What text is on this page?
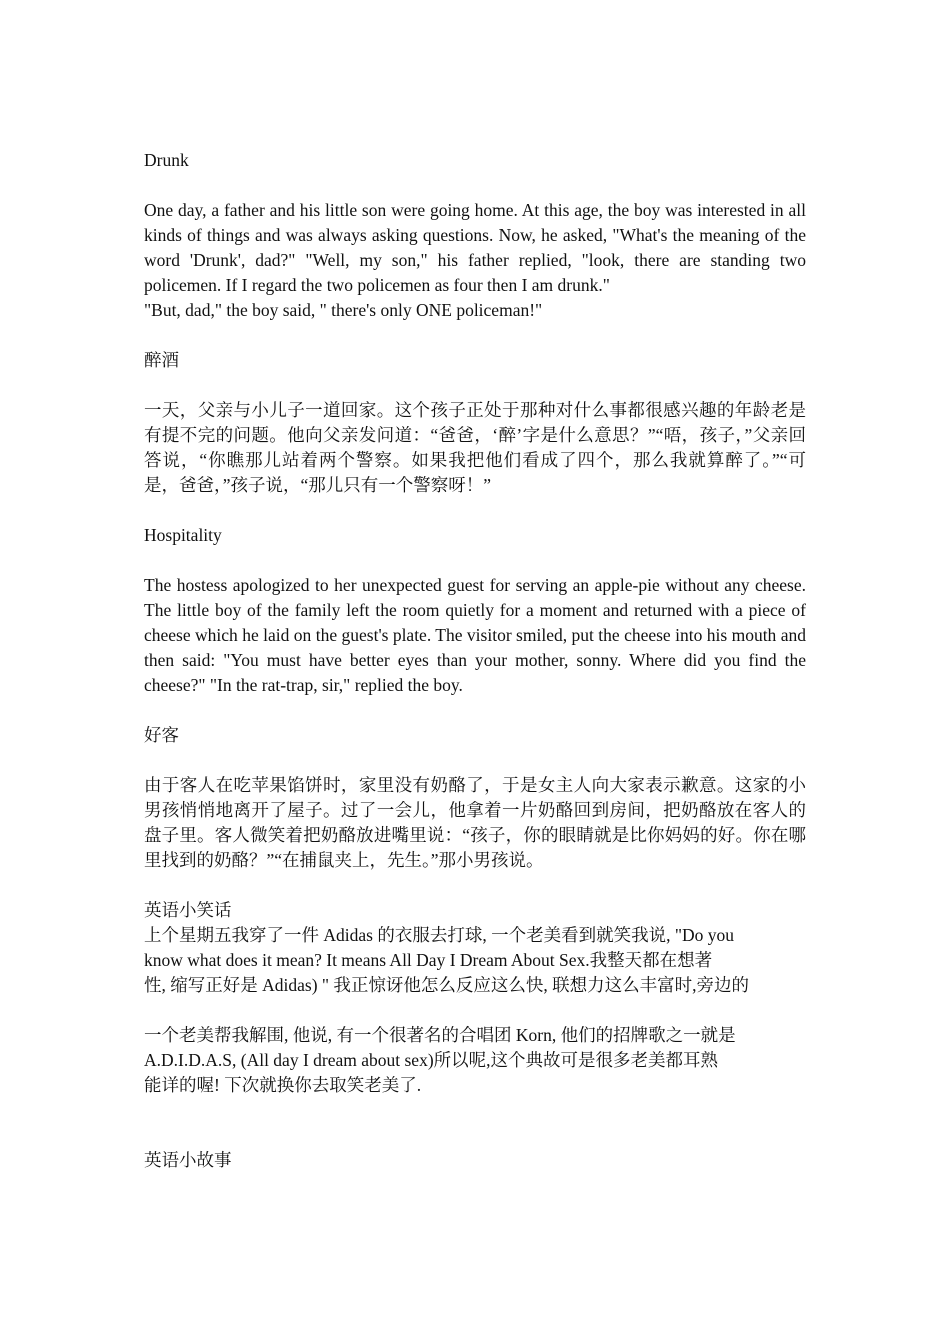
Drunk

One day, a father and his little son were going home. At this age, the boy was interested in all kinds of things and was always asking questions. Now, he asked, "What's the meaning of the word 'Drunk', dad?" "Well, my son," his father replied, "look, there are standing two policemen. If I regard the two policemen as four then I am drunk."

"But, dad," the boy said, " there's only ONE policeman!"

醉酒

一天，父亲与小儿子一道回家。这个孩子正处于那种对什么事都很感兴趣的年龄老是有提不完的问题。他向父亲发问道：“爸爸，‘醉’字是什么意思？”“唔，孩子，”父亲回答说，“你瞧那儿站着两个警察。如果我把他们看成了四个，那么我就算醉了。”“可是，爸爸，”孩子说，“那儿只有一个警察呀！”

Hospitality

The hostess apologized to her unexpected guest for serving an apple-pie without any cheese. The little boy of the family left the room quietly for a moment and returned with a piece of cheese which he laid on the guest's plate. The visitor smiled, put the cheese into his mouth and then said: "You must have better eyes than your mother, sonny. Where did you find the cheese?" "In the rat-trap, sir," replied the boy.

好客

由于客人在吃苹果馅饼时，家里没有奶酪了，于是女主人向大家表示歉意。这家的小男孩悄悄地离开了屋子。过了一会儿，他拿着一片奶酪回到房间，把奶酪放在客人的盘子里。客人微笑着把奶酪放进嘴里说：“孩子，你的眼睛就是比你妈妈的好。你在哪里找到的奶酪？”“在捕鼠夹上，先生。”那小男孩说。

英语小笑话

上个星期五我穿了一件 Adidas 的衣服去打球, 一个老美看到就笑我说, "Do you
know what does it mean? It means All Day I Dream About Sex.我整天都在想著
性, 缩写正好是 Adidas) " 我正惊讶他怎么反应这么快, 联想力这么丰富时,旁边的
一个老美帮我解围, 他说, 有一个很著名的合唱团 Korn, 他们的招牌歌之一就是
A.D.I.D.A.S, (All day I dream about sex)所以呢,这个典故可是很多老美都耳熟
能详的喔! 下次就换你去取笑老美了.

英语小故事
